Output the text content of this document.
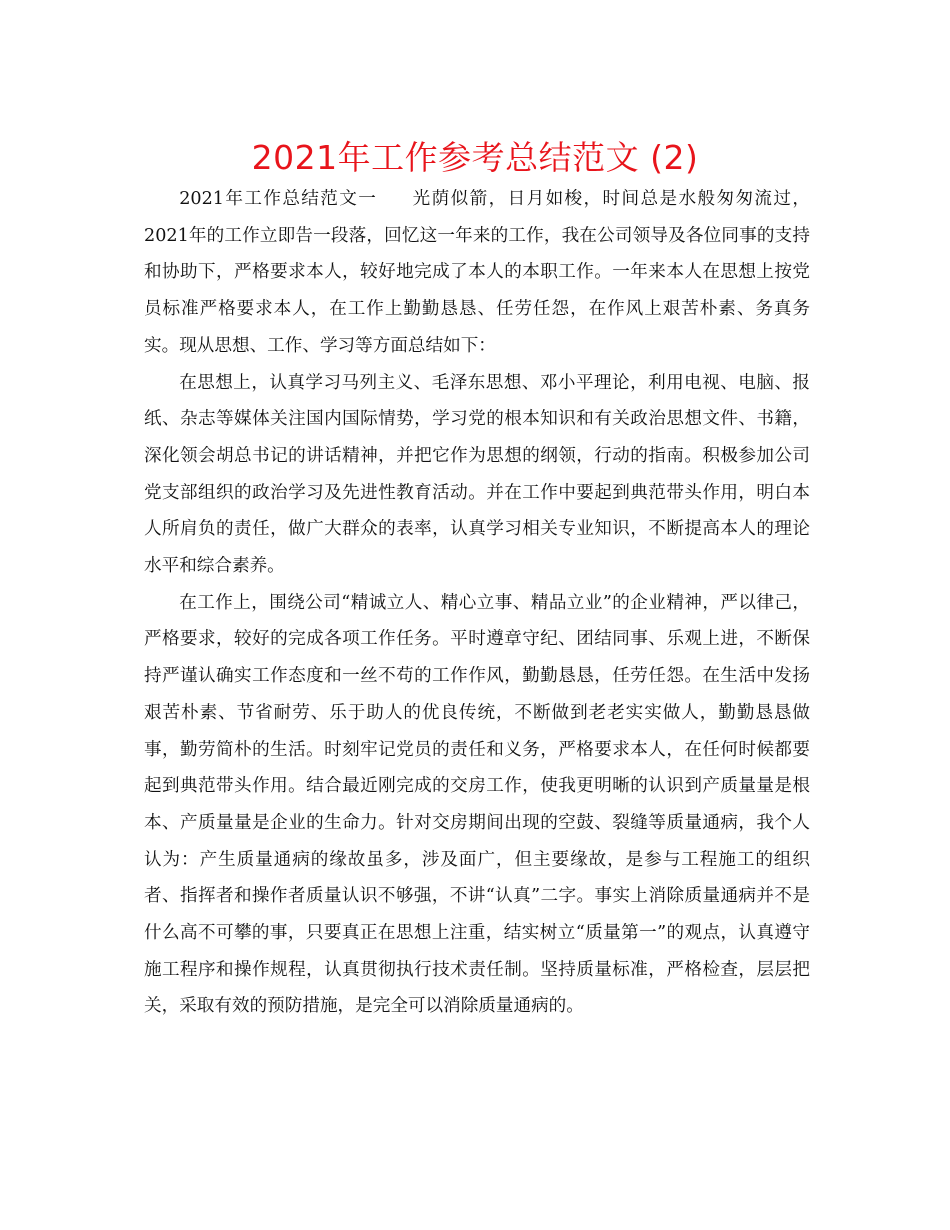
2021年工作参考总结范文 (2)

2021年工作总结范文一 光荫似箭，日月如梭，时间总是水般匆匆流过，2021年的工作立即告一段落，回忆这一年来的工作，我在公司领导及各位同事的支持和协助下，严格要求本人，较好地完成了本人的本职工作。一年来本人在思想上按党员标准严格要求本人，在工作上勤勤恳恳、任劳任怨，在作风上艰苦朴素、务真务实。现从思想、工作、学习等方面总结如下：

在思想上，认真学习马列主义、毛泽东思想、邓小平理论，利用电视、电脑、报纸、杂志等媒体关注国内国际情势，学习党的根本知识和有关政治思想文件、书籍，深化领会胡总书记的讲话精神，并把它作为思想的纲领，行动的指南。积极参加公司党支部组织的政治学习及先进性教育活动。并在工作中要起到典范带头作用，明白本人所肩负的责任，做广大群众的表率，认真学习相关专业知识，不断提高本人的理论水平和综合素养。

在工作上，围绕公司“精诚立人、精心立事、精品立业”的企业精神，严以律己，严格要求，较好的完成各项工作任务。平时遵章守纪、团结同事、乐观上进，不断保持严谨认确实工作态度和一丝不苟的工作作风，勤勤恳恳，任劳任怨。在生活中发扬艰苦朴素、节省耐劳、乐于助人的优良传统，不断做到老老实实做人，勤勤恳恳做事，勤劳简朴的生活。时刻牢记党员的责任和义务，严格要求本人，在任何时候都要起到典范带头作用。结合最近刚完成的交房工作，使我更明晰的认识到产质量量是根本、产质量量是企业的生命力。针对交房期间出现的空鼓、裂缝等质量通病，我个人认为：产生质量通病的缘故虽多，涉及面广，但主要缘故，是参与工程施工的组织者、指挥者和操作者质量认识不够强，不讲“认真”二字。事实上消除质量通病并不是什么高不可攀的事，只要真正在思想上注重，结实树立“质量第一”的观点，认真遵守施工程序和操作规程，认真贯彻执行技术责任制。坚持质量标准，严格检查，层层把关，采取有效的预防措施，是完全可以消除质量通病的。
